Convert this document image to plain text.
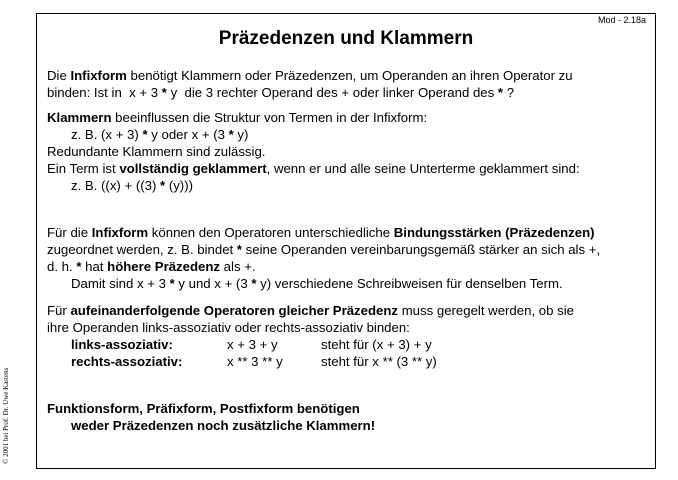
Mod - 2.18a
© 2001 bei Prof. Dr. Uwe Kastens
Präzedenzen und Klammern

Die Infixform benötigt Klammern oder Präzedenzen, um Operanden an ihren Operator zu

binden: Ist in  x + 3 * y  die 3 rechter Operand des + oder linker Operand des * ?

Klammern beeinflussen die Struktur von Termen in der Infixform:

z. B. (x + 3) * y oder x + (3 * y)

Redundante Klammern sind zulässig.

Ein Term ist vollständig geklammert, wenn er und alle seine Unterterme geklammert sind:

z. B. ((x) + ((3) * (y)))

Für die Infixform können den Operatoren unterschiedliche Bindungsstärken (Präzedenzen)

zugeordnet werden, z. B. bindet * seine Operanden vereinbarungsgemäß stärker an sich als +,

d. h. * hat höhere Präzedenz als +.

Damit sind x + 3 * y und x + (3 * y) verschiedene Schreibweisen für denselben Term.

Für aufeinanderfolgende Operatoren gleicher Präzedenz muss geregelt werden, ob sie

ihre Operanden links-assoziativ oder rechts-assoziativ binden:

links-assoziativ:	x + 3 + y	steht für (x + 3) + y
rechts-assoziativ:	x ** 3 ** y	steht für x ** (3 ** y)

Funktionsform, Präfixform, Postfixform benötigen

weder Präzedenzen noch zusätzliche Klammern!
